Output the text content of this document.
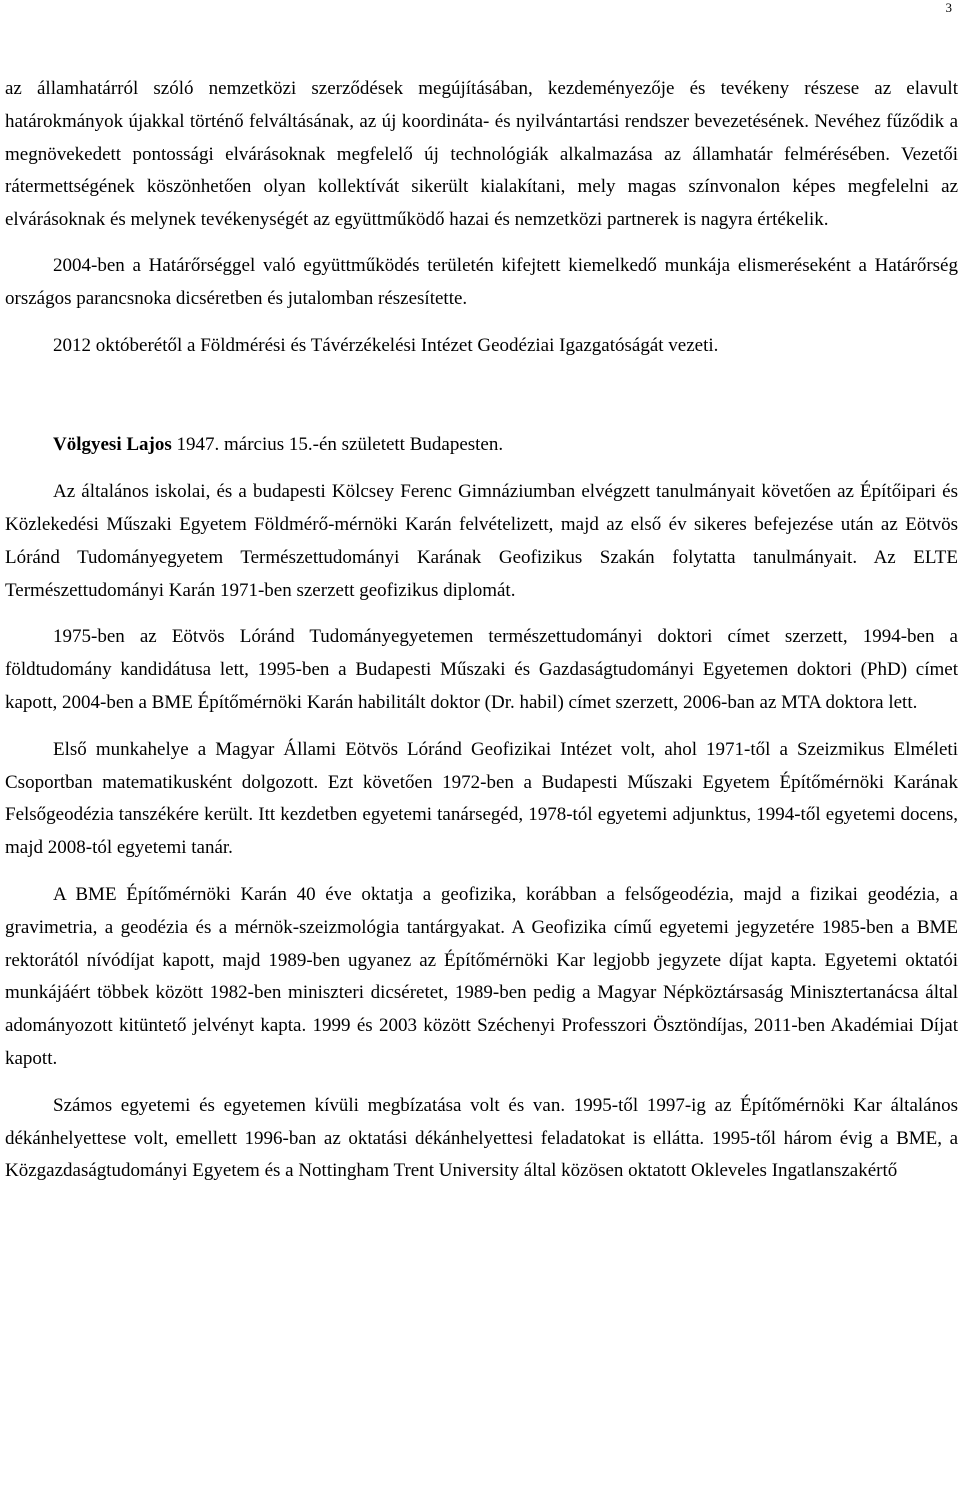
3

az államhatárról szóló nemzetközi szerződések megújításában, kezdeményezője és tevékeny részese az elavult határokmányok újakkal történő felváltásának, az új koordináta- és nyilvántartási rendszer bevezetésének. Nevéhez fűződik a megnövekedett pontossági elvárásoknak megfelelő új technológiák alkalmazása az államhatár felmérésében. Vezetői rátermettségének köszönhetően olyan kollektívát sikerült kialakítani, mely magas színvonalon képes megfelelni az elvárásoknak és melynek tevékenységét az együttműködő hazai és nemzetközi partnerek is nagyra értékelik.

2004-ben a Határőrséggel való együttműködés területén kifejtett kiemelkedő munkája elismeréseként a Határőrség országos parancsnoka dicséretben és jutalomban részesítette.

2012 októberétől a Földmérési és Távérzékelési Intézet Geodéziai Igazgatóságát vezeti.

Völgyesi Lajos 1947. március 15.-én született Budapesten.

Az általános iskolai, és a budapesti Kölcsey Ferenc Gimnáziumban elvégzett tanulmányait követően az Építőipari és Közlekedési Műszaki Egyetem Földmérő-mérnöki Karán felvételizett, majd az első év sikeres befejezése után az Eötvös Lóránd Tudományegyetem Természettudományi Karának Geofizikus Szakán folytatta tanulmányait. Az ELTE Természettudományi Karán 1971-ben szerzett geofizikus diplomát.

1975-ben az Eötvös Lóránd Tudományegyetemen természettudományi doktori címet szerzett, 1994-ben a földtudomány kandidátusa lett, 1995-ben a Budapesti Műszaki és Gazdaságtudományi Egyetemen doktori (PhD) címet kapott, 2004-ben a BME Építőmérnöki Karán habilitált doktor (Dr. habil) címet szerzett, 2006-ban az MTA doktora lett.

Első munkahelye a Magyar Állami Eötvös Lóránd Geofizikai Intézet volt, ahol 1971-től a Szeizmikus Elméleti Csoportban matematikusként dolgozott. Ezt követően 1972-ben a Budapesti Műszaki Egyetem Építőmérnöki Karának Felsőgeodézia tanszékére került. Itt kezdetben egyetemi tanársegéd, 1978-tól egyetemi adjunktus, 1994-től egyetemi docens, majd 2008-tól egyetemi tanár.

A BME Építőmérnöki Karán 40 éve oktatja a geofizika, korábban a felsőgeodézia, majd a fizikai geodézia, a gravimetria, a geodézia és a mérnök-szeizmológia tantárgyakat. A Geofizika című egyetemi jegyzetére 1985-ben a BME rektorától nívódíjat kapott, majd 1989-ben ugyanez az Építőmérnöki Kar legjobb jegyzete díjat kapta. Egyetemi oktatói munkájáért többek között 1982-ben miniszteri dicséretet, 1989-ben pedig a Magyar Népköztársaság Minisztertanácsa által adományozott kitüntető jelvényt kapta. 1999 és 2003 között Széchenyi Professzori Ösztöndíjas, 2011-ben Akadémiai Díjat kapott.

Számos egyetemi és egyetemen kívüli megbízatása volt és van. 1995-től 1997-ig az Építőmérnöki Kar általános dékánhelyettese volt, emellett 1996-ban az oktatási dékánhelyettesi feladatokat is ellátta. 1995-től három évig a BME, a Közgazdaságtudományi Egyetem és a Nottingham Trent University által közösen oktatott Okleveles Ingatlanszakértő
